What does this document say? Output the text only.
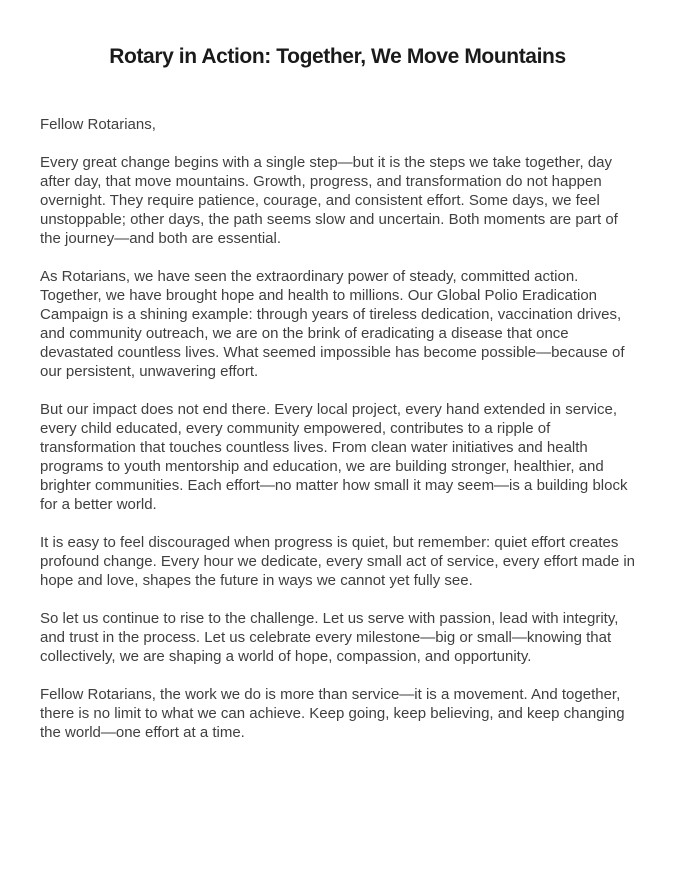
Rotary in Action: Together, We Move Mountains

Fellow Rotarians,

Every great change begins with a single step—but it is the steps we take together, day after day, that move mountains. Growth, progress, and transformation do not happen overnight. They require patience, courage, and consistent effort. Some days, we feel unstoppable; other days, the path seems slow and uncertain. Both moments are part of the journey—and both are essential.

As Rotarians, we have seen the extraordinary power of steady, committed action. Together, we have brought hope and health to millions. Our Global Polio Eradication Campaign is a shining example: through years of tireless dedication, vaccination drives, and community outreach, we are on the brink of eradicating a disease that once devastated countless lives. What seemed impossible has become possible—because of our persistent, unwavering effort.

But our impact does not end there. Every local project, every hand extended in service, every child educated, every community empowered, contributes to a ripple of transformation that touches countless lives. From clean water initiatives and health programs to youth mentorship and education, we are building stronger, healthier, and brighter communities. Each effort—no matter how small it may seem—is a building block for a better world.

It is easy to feel discouraged when progress is quiet, but remember: quiet effort creates profound change. Every hour we dedicate, every small act of service, every effort made in hope and love, shapes the future in ways we cannot yet fully see.

So let us continue to rise to the challenge. Let us serve with passion, lead with integrity, and trust in the process. Let us celebrate every milestone—big or small—knowing that collectively, we are shaping a world of hope, compassion, and opportunity.

Fellow Rotarians, the work we do is more than service—it is a movement. And together, there is no limit to what we can achieve. Keep going, keep believing, and keep changing the world—one effort at a time.
